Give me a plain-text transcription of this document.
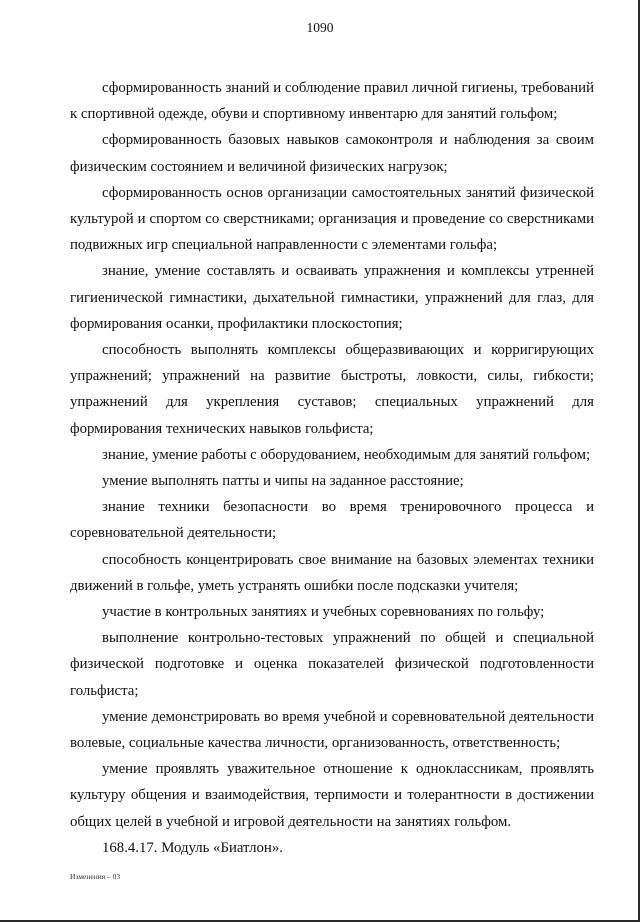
1090

сформированность знаний и соблюдение правил личной гигиены, требований к спортивной одежде, обуви и спортивному инвентарю для занятий гольфом;

сформированность базовых навыков самоконтроля и наблюдения за своим физическим состоянием и величиной физических нагрузок;

сформированность основ организации самостоятельных занятий физической культурой и спортом со сверстниками; организация и проведение со сверстниками подвижных игр специальной направленности с элементами гольфа;

знание, умение составлять и осваивать упражнения и комплексы утренней гигиенической гимнастики, дыхательной гимнастики, упражнений для глаз, для формирования осанки, профилактики плоскостопия;

способность выполнять комплексы общеразвивающих и корригирующих упражнений; упражнений на развитие быстроты, ловкости, силы, гибкости; упражнений для укрепления суставов; специальных упражнений для формирования технических навыков гольфиста;

знание, умение работы с оборудованием, необходимым для занятий гольфом;

умение выполнять патты и чипы на заданное расстояние;

знание техники безопасности во время тренировочного процесса и соревновательной деятельности;

способность концентрировать свое внимание на базовых элементах техники движений в гольфе, уметь устранять ошибки после подсказки учителя;

участие в контрольных занятиях и учебных соревнованиях по гольфу;

выполнение контрольно-тестовых упражнений по общей и специальной физической подготовке и оценка показателей физической подготовленности гольфиста;

умение демонстрировать во время учебной и соревновательной деятельности волевые, социальные качества личности, организованность, ответственность;

умение проявлять уважительное отношение к одноклассникам, проявлять культуру общения и взаимодействия, терпимости и толерантности в достижении общих целей в учебной и игровой деятельности на занятиях гольфом.

168.4.17. Модуль «Биатлон».

Изменения – 03
